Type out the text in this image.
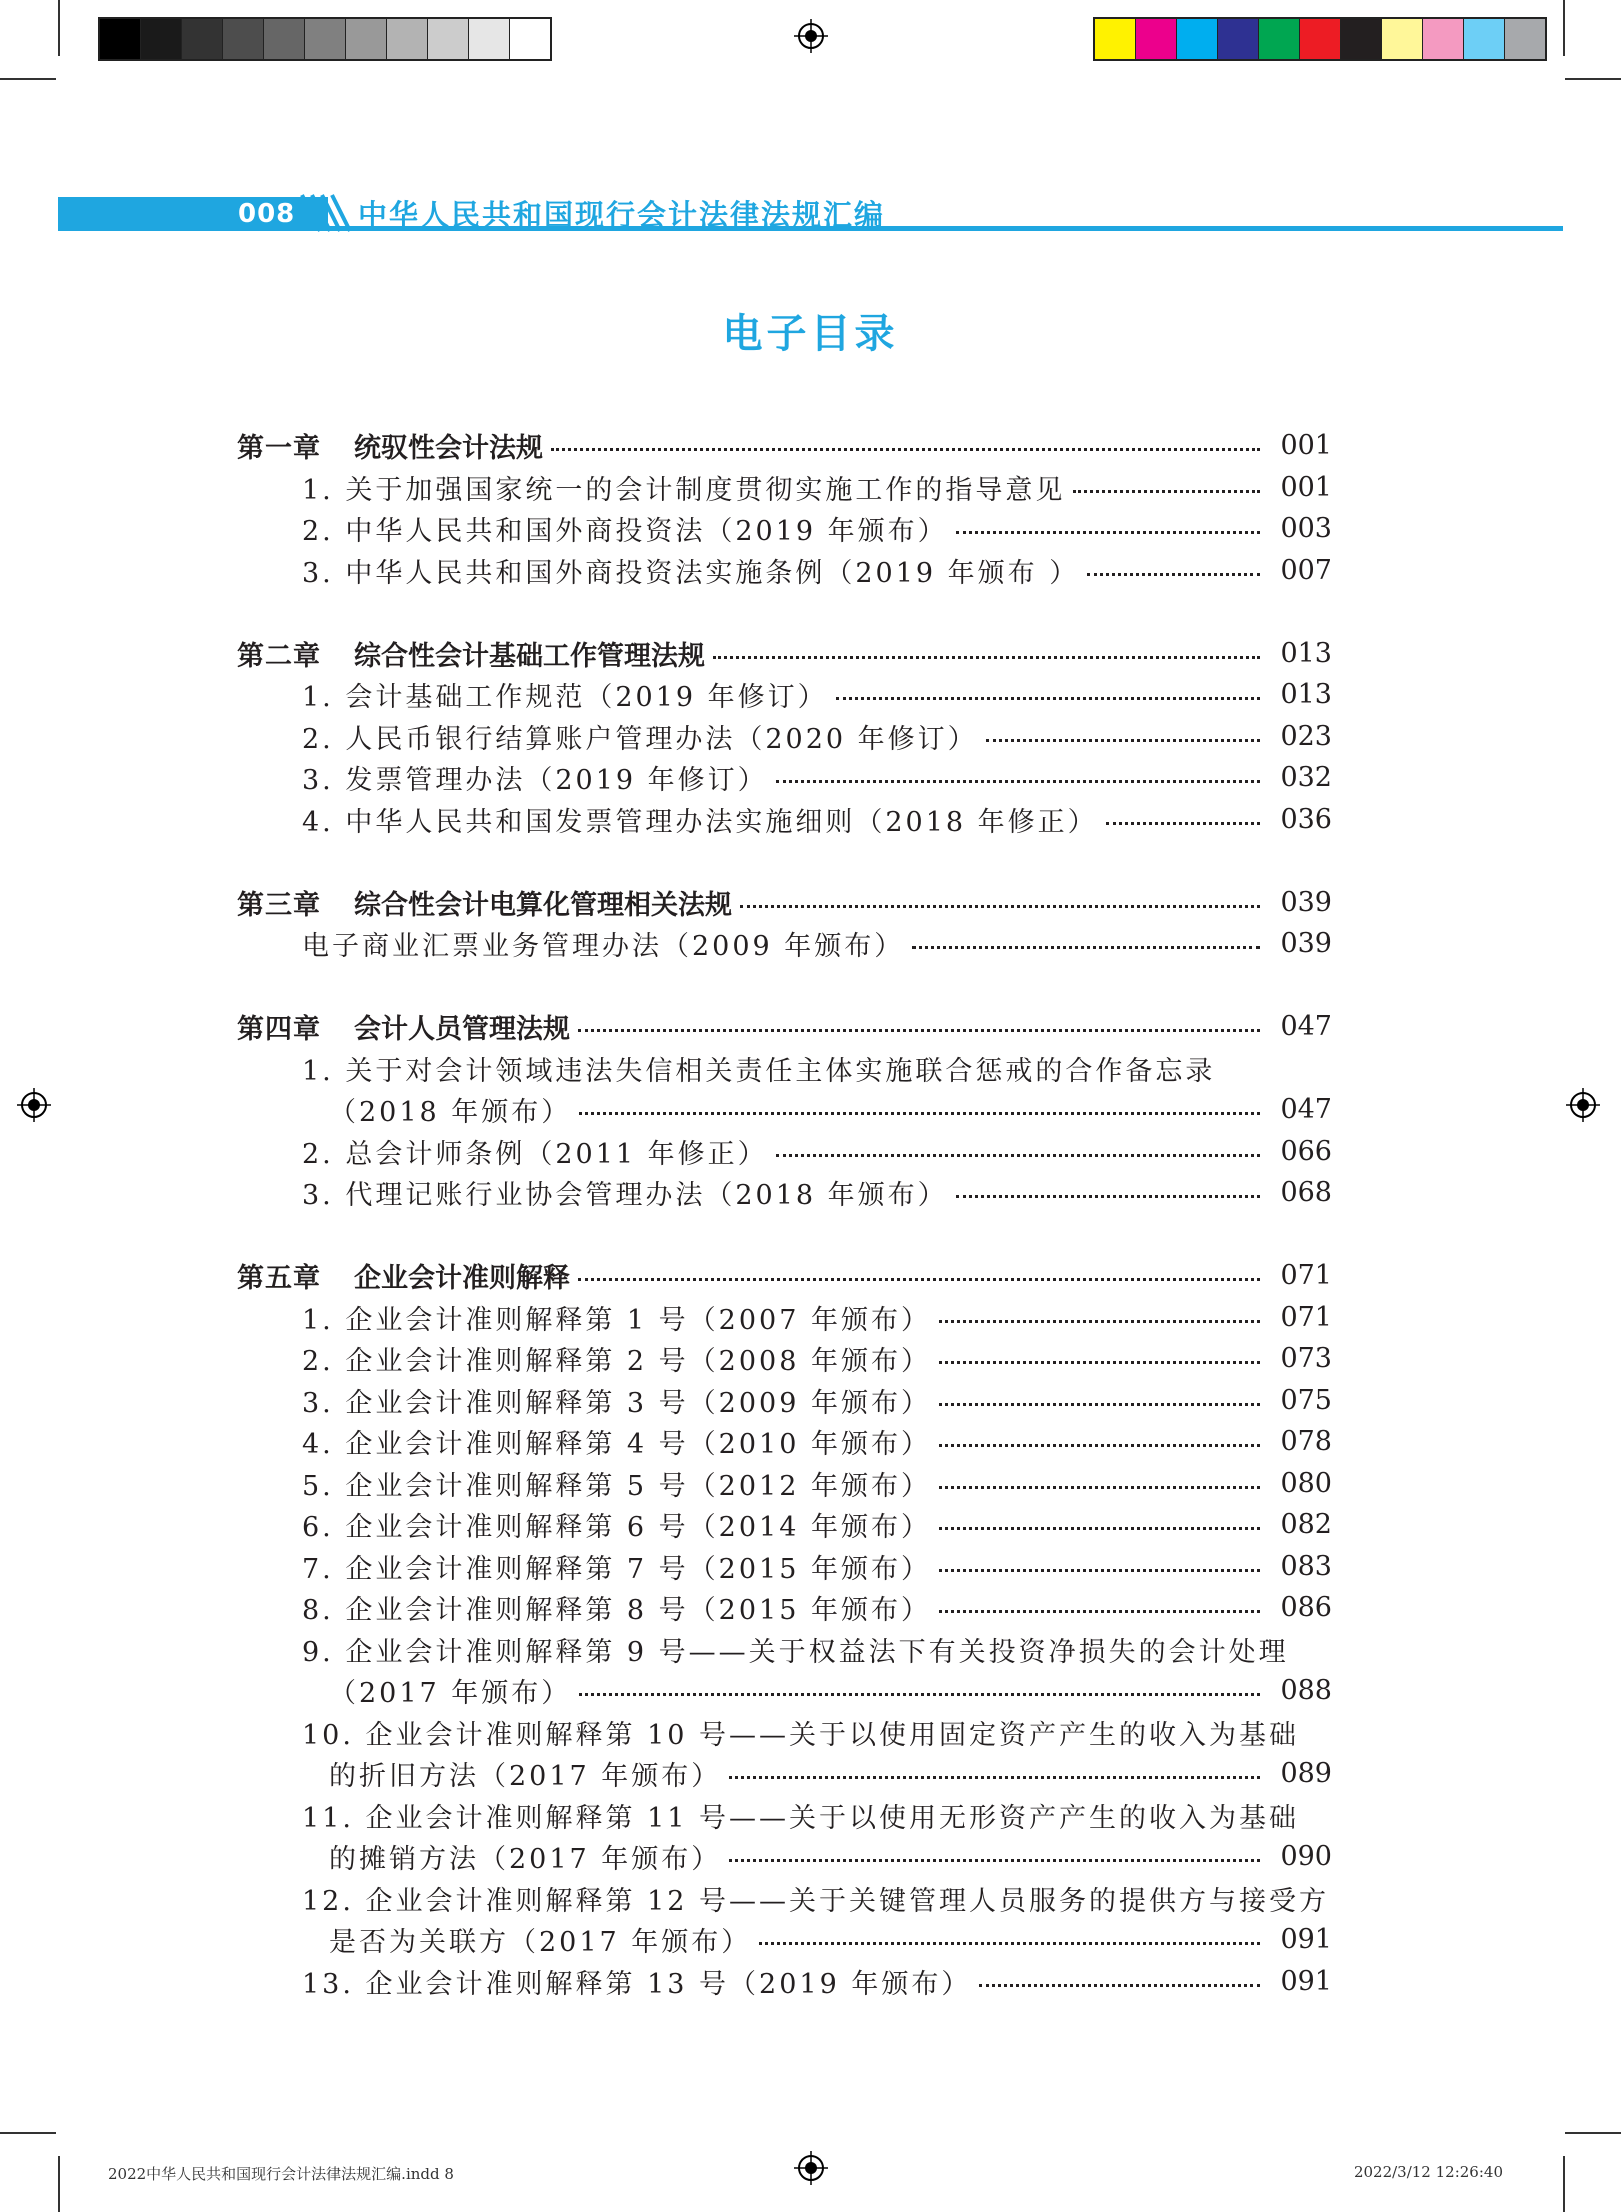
008 中华人民共和国现行会计法律法规汇编
电子目录
第一章 统驭性会计法规	001
1. 关于加强国家统一的会计制度贯彻实施工作的指导意见	001
2. 中华人民共和国外商投资法（2019 年颁布）	003
3. 中华人民共和国外商投资法实施条例（2019 年颁布 ）	007
第二章 综合性会计基础工作管理法规	013
1. 会计基础工作规范（2019 年修订）	013
2. 人民币银行结算账户管理办法（2020 年修订）	023
3. 发票管理办法（2019 年修订）	032
4. 中华人民共和国发票管理办法实施细则（2018 年修正）	036
第三章 综合性会计电算化管理相关法规	039
电子商业汇票业务管理办法（2009 年颁布）	039
第四章 会计人员管理法规	047
1. 关于对会计领域违法失信相关责任主体实施联合惩戒的合作备忘录
（2018 年颁布）	047
2. 总会计师条例（2011 年修正）	066
3. 代理记账行业协会管理办法（2018 年颁布）	068
第五章 企业会计准则解释	071
1. 企业会计准则解释第 1 号（2007 年颁布）	071
2. 企业会计准则解释第 2 号（2008 年颁布）	073
3. 企业会计准则解释第 3 号（2009 年颁布）	075
4. 企业会计准则解释第 4 号（2010 年颁布）	078
5. 企业会计准则解释第 5 号（2012 年颁布）	080
6. 企业会计准则解释第 6 号（2014 年颁布）	082
7. 企业会计准则解释第 7 号（2015 年颁布）	083
8. 企业会计准则解释第 8 号（2015 年颁布）	086
9. 企业会计准则解释第 9 号——关于权益法下有关投资净损失的会计处理
（2017 年颁布）	088
10. 企业会计准则解释第 10 号——关于以使用固定资产产生的收入为基础
的折旧方法（2017 年颁布）	089
11. 企业会计准则解释第 11 号——关于以使用无形资产产生的收入为基础
的摊销方法（2017 年颁布）	090
12. 企业会计准则解释第 12 号——关于关键管理人员服务的提供方与接受方
是否为关联方（2017 年颁布）	091
13. 企业会计准则解释第 13 号（2019 年颁布）	091
2022中华人民共和国现行会计法律法规汇编.indd 8	2022/3/12 12:26:40
